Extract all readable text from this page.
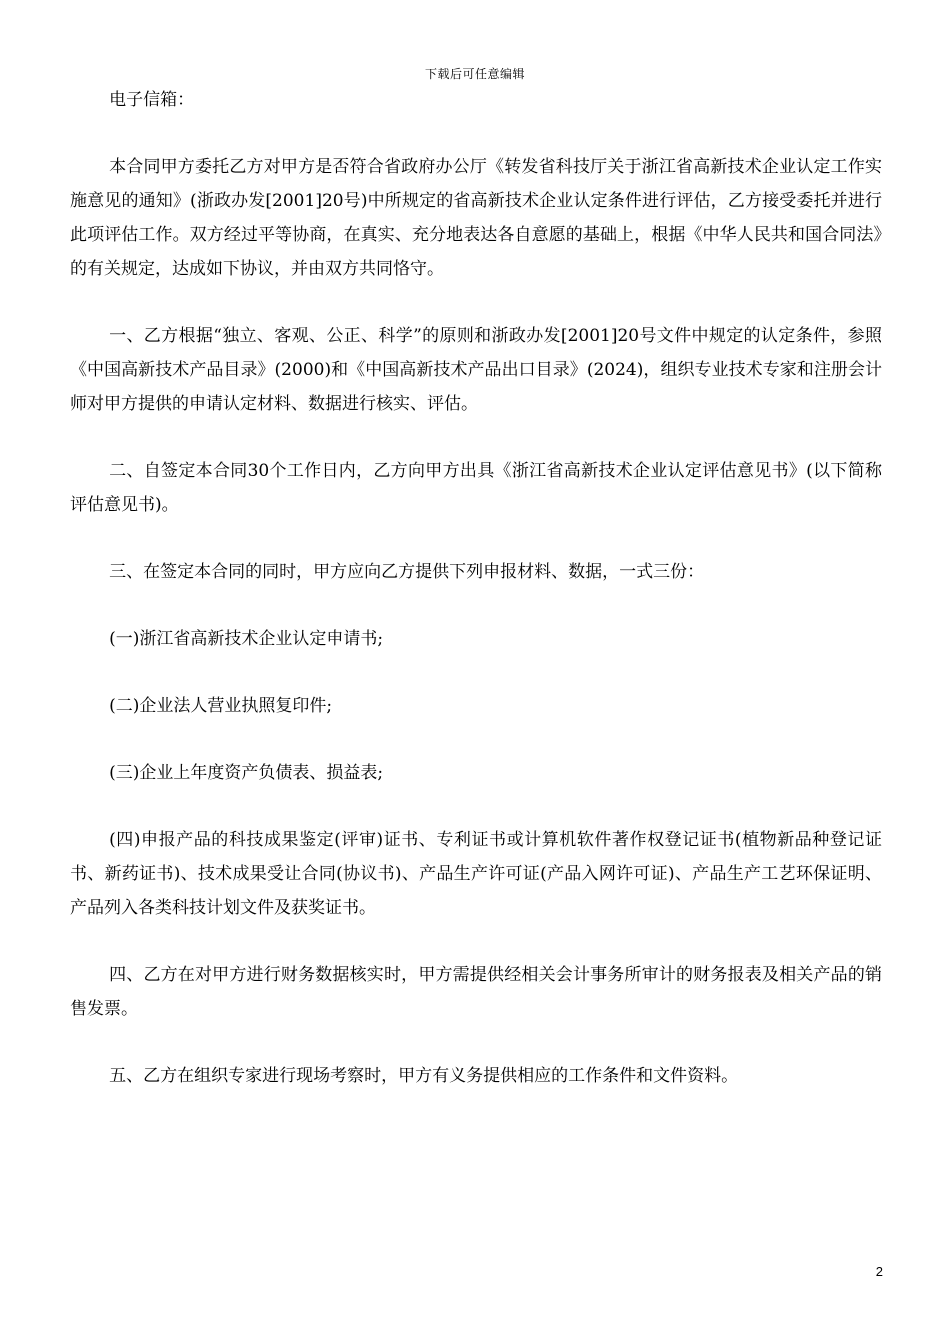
下载后可任意编辑

电子信箱：

本合同甲方委托乙方对甲方是否符合省政府办公厅《转发省科技厅关于浙江省高新技术企业认定工作实施意见的通知》(浙政办发[2001]20号)中所规定的省高新技术企业认定条件进行评估，乙方接受委托并进行此项评估工作。双方经过平等协商，在真实、充分地表达各自意愿的基础上，根据《中华人民共和国合同法》的有关规定，达成如下协议，并由双方共同恪守。

一、乙方根据“独立、客观、公正、科学”的原则和浙政办发[2001]20号文件中规定的认定条件，参照《中国高新技术产品目录》(2000)和《中国高新技术产品出口目录》(2024)，组织专业技术专家和注册会计师对甲方提供的申请认定材料、数据进行核实、评估。

二、自签定本合同30个工作日内，乙方向甲方出具《浙江省高新技术企业认定评估意见书》(以下简称评估意见书)。

三、在签定本合同的同时，甲方应向乙方提供下列申报材料、数据，一式三份：

(一)浙江省高新技术企业认定申请书;

(二)企业法人营业执照复印件;

(三)企业上年度资产负债表、损益表;

(四)申报产品的科技成果鉴定(评审)证书、专利证书或计算机软件著作权登记证书(植物新品种登记证书、新药证书)、技术成果受让合同(协议书)、产品生产许可证(产品入网许可证)、产品生产工艺环保证明、产品列入各类科技计划文件及获奖证书。

四、乙方在对甲方进行财务数据核实时，甲方需提供经相关会计事务所审计的财务报表及相关产品的销售发票。

五、乙方在组织专家进行现场考察时，甲方有义务提供相应的工作条件和文件资料。

2
